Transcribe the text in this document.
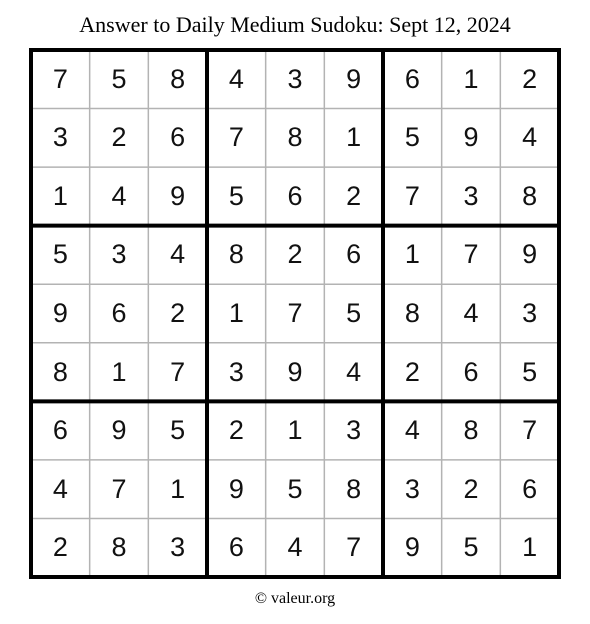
Answer to Daily Medium Sudoku: Sept 12, 2024
7	5	8	4	3	9	6	1	2
3	2	6	7	8	1	5	9	4
1	4	9	5	6	2	7	3	8
5	3	4	8	2	6	1	7	9
9	6	2	1	7	5	8	4	3
8	1	7	3	9	4	2	6	5
6	9	5	2	1	3	4	8	7
4	7	1	9	5	8	3	2	6
2	8	3	6	4	7	9	5	1
© valeur.org
